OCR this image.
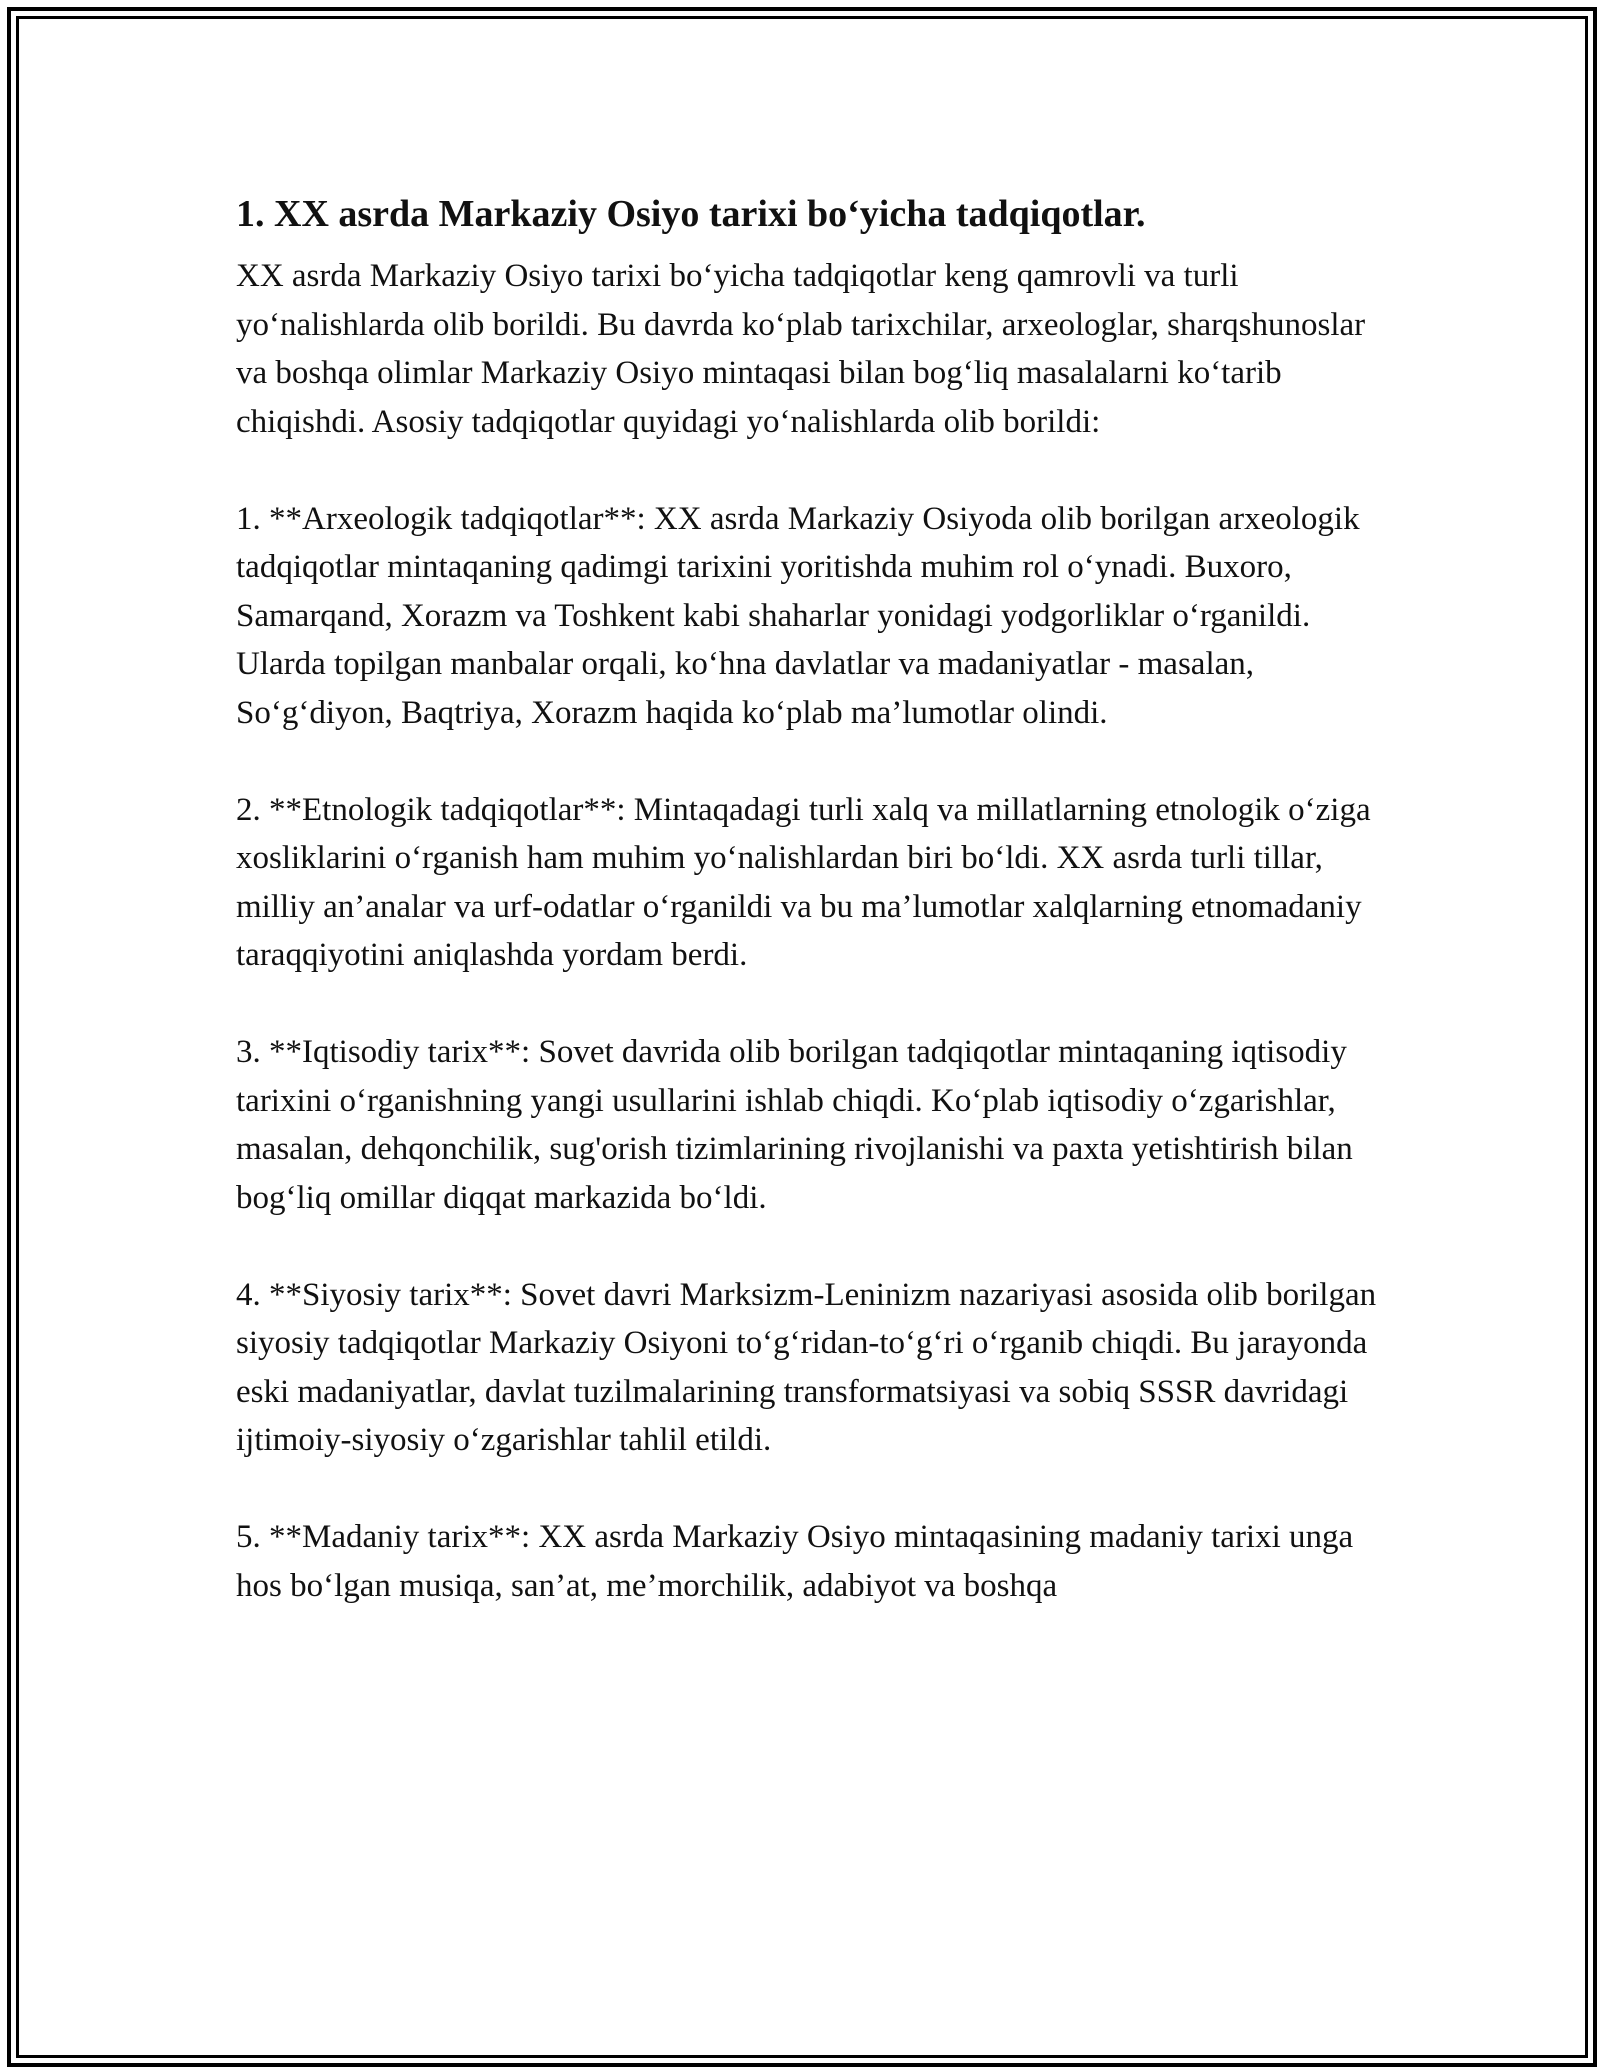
1. XX asrda Markaziy Osiyo tarixi bo‘yicha tadqiqotlar.

XX asrda Markaziy Osiyo tarixi bo‘yicha tadqiqotlar keng qamrovli va turli yo‘nalishlarda olib borildi. Bu davrda ko‘plab tarixchilar, arxeologlar, sharqshunoslar va boshqa olimlar Markaziy Osiyo mintaqasi bilan bog‘liq masalalarni ko‘tarib chiqishdi. Asosiy tadqiqotlar quyidagi yo‘nalishlarda olib borildi:

1. **Arxeologik tadqiqotlar**: XX asrda Markaziy Osiyoda olib borilgan arxeologik tadqiqotlar mintaqaning qadimgi tarixini yoritishda muhim rol o‘ynadi. Buxoro, Samarqand, Xorazm va Toshkent kabi shaharlar yonidagi yodgorliklar o‘rganildi. Ularda topilgan manbalar orqali, ko‘hna davlatlar va madaniyatlar - masalan, So‘g‘diyon, Baqtriya, Xorazm haqida ko‘plab ma’lumotlar olindi.

2. **Etnologik tadqiqotlar**: Mintaqadagi turli xalq va millatlarning etnologik o‘ziga xosliklarini o‘rganish ham muhim yo‘nalishlardan biri bo‘ldi. XX asrda turli tillar, milliy an’analar va urf-odatlar o‘rganildi va bu ma’lumotlar xalqlarning etnomadaniy taraqqiyotini aniqlashda yordam berdi.

3. **Iqtisodiy tarix**: Sovet davrida olib borilgan tadqiqotlar mintaqaning iqtisodiy tarixini o‘rganishning yangi usullarini ishlab chiqdi. Ko‘plab iqtisodiy o‘zgarishlar, masalan, dehqonchilik, sug'orish tizimlarining rivojlanishi va paxta yetishtirish bilan bog‘liq omillar diqqat markazida bo‘ldi.

4. **Siyosiy tarix**: Sovet davri Marksizm-Leninizm nazariyasi asosida olib borilgan siyosiy tadqiqotlar Markaziy Osiyoni to‘g‘ridan-to‘g‘ri o‘rganib chiqdi. Bu jarayonda eski madaniyatlar, davlat tuzilmalarining transformatsiyasi va sobiq SSSR davridagi ijtimoiy-siyosiy o‘zgarishlar tahlil etildi.

5. **Madaniy tarix**: XX asrda Markaziy Osiyo mintaqasining madaniy tarixi unga hos bo‘lgan musiqa, san’at, me’morchilik, adabiyot va boshqa
